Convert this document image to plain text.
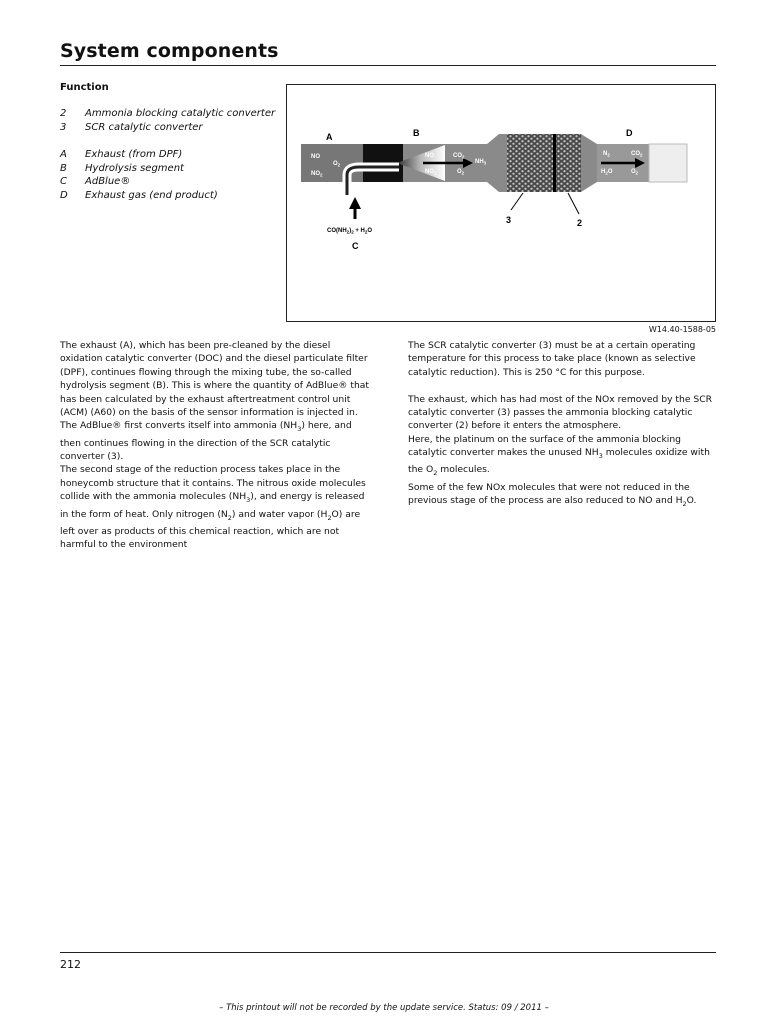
System components
Function
2 Ammonia blocking catalytic converter
3 SCR catalytic converter
A Exhaust (from DPF)
B Hydrolysis segment
C AdBlue®
D Exhaust gas (end product)
A	B	D
C
3	2
NO
$O_2$
$NO_2$
NO	$CO_2$
$NH_3$
$NO_2$	$O_2$
$N_2$	$CO_2$
$H_2O$	$O_2$
$CO(NH_2)_2 + H_2O$
W14.40-1588-05

The exhaust (A), which has been pre-cleaned by the diesel oxidation catalytic converter (DOC) and the diesel particulate filter (DPF), continues flowing through the mixing tube, the so-called hydrolysis segment (B). This is where the quantity of AdBlue® that has been calculated by the exhaust aftertreatment control unit (ACM) (A60) on the basis of the sensor information is injected in.

The AdBlue® first converts itself into ammonia $(NH_3)$ here, and then continues flowing in the direction of the SCR catalytic converter (3).

The second stage of the reduction process takes place in the honeycomb structure that it contains. The nitrous oxide molecules collide with the ammonia molecules $(NH_3)$, and energy is released in the form of heat. Only nitrogen $(N_2)$ and water vapor $(H_2O)$ are left over as products of this chemical reaction, which are not harmful to the environment

The SCR catalytic converter (3) must be at a certain operating temperature for this process to take place (known as selective catalytic reduction). This is 250 °C for this purpose.

The exhaust, which has had most of the NOx removed by the SCR catalytic converter (3) passes the ammonia blocking catalytic converter (2) before it enters the atmosphere.

Here, the platinum on the surface of the ammonia blocking catalytic converter makes the unused $NH_3$ molecules oxidize with the $O_2$ molecules.

Some of the few NOx molecules that were not reduced in the previous stage of the process are also reduced to NO and $H_2O$.

212
– This printout will not be recorded by the update service. Status: 09 / 2011 –
